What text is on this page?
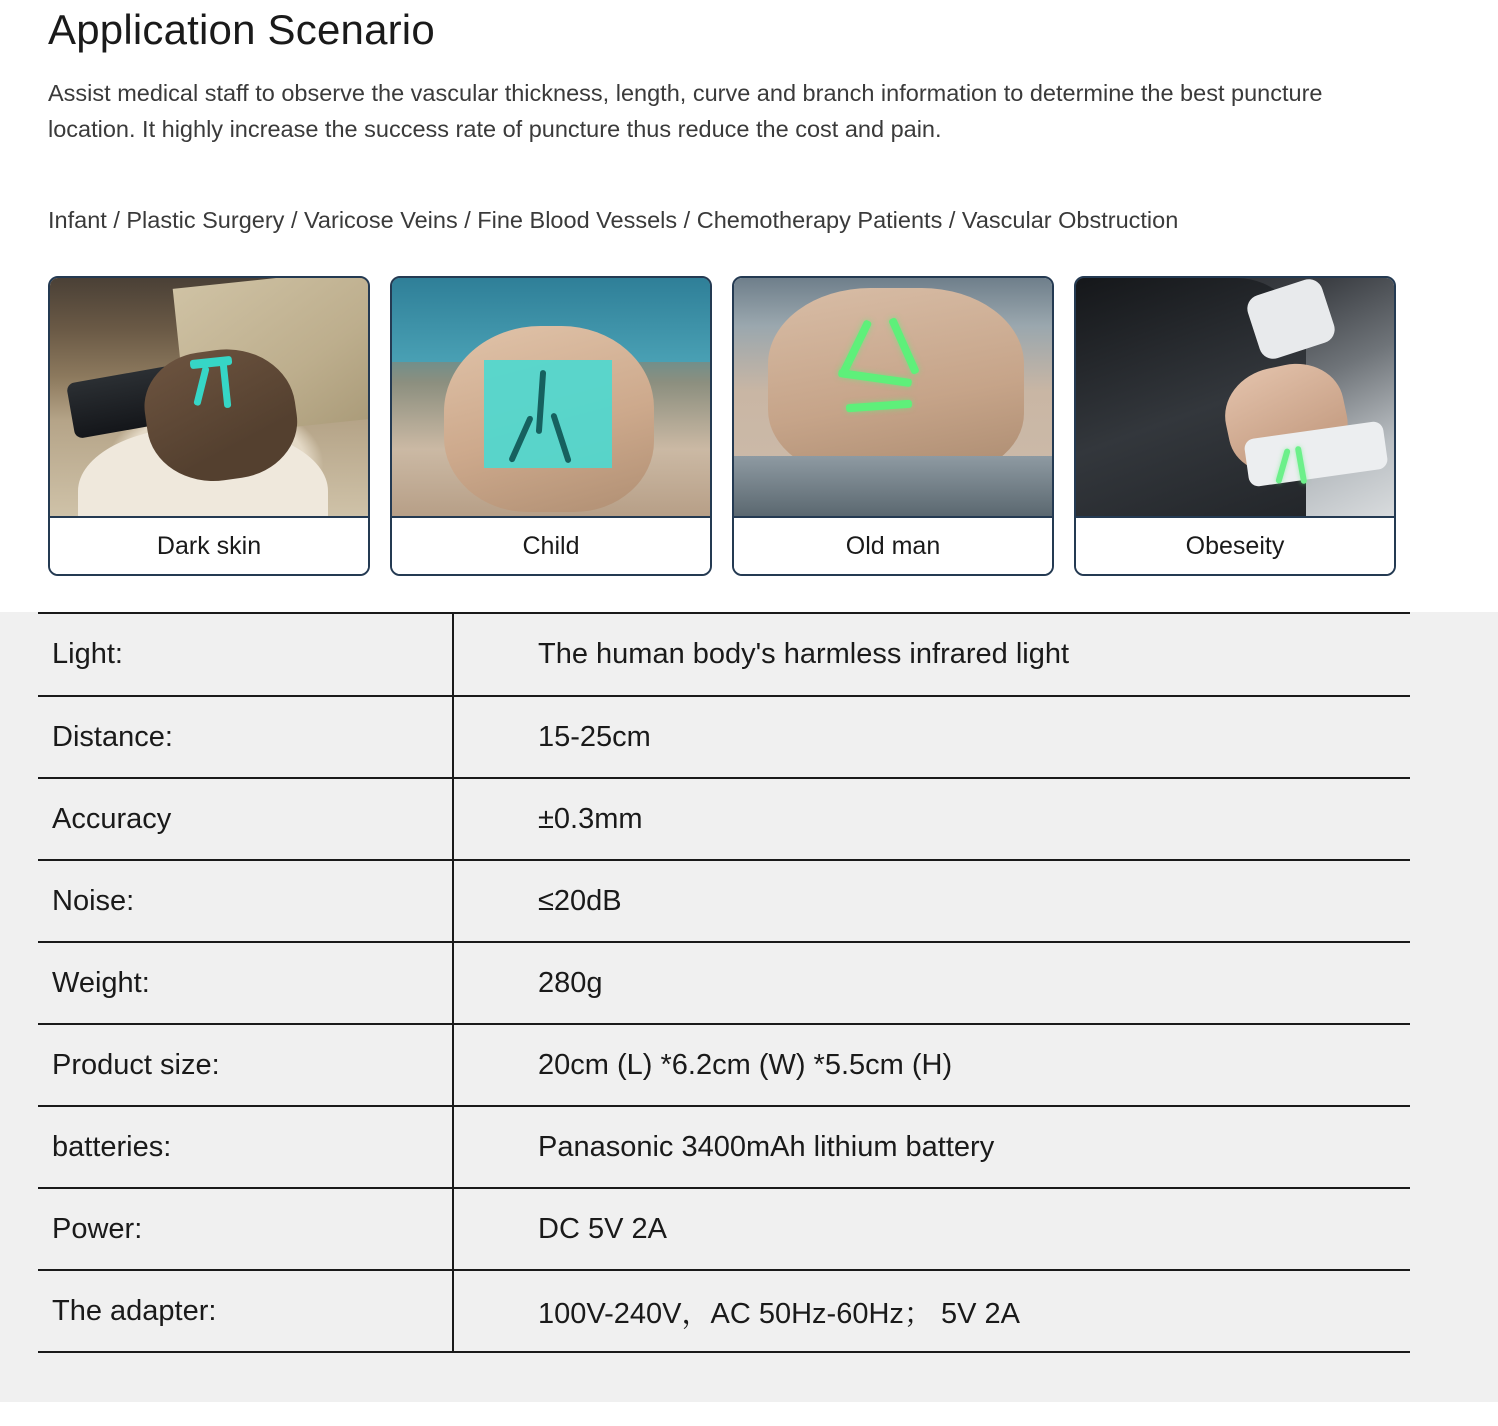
Application Scenario

Assist medical staff to observe the vascular thickness, length, curve and branch information to determine the best puncture location. It highly increase the success rate of puncture thus reduce the cost and pain.

Infant / Plastic Surgery / Varicose Veins / Fine Blood Vessels / Chemotherapy Patients / Vascular Obstruction

Dark skin	Child	Old man	Obeseity
Light:	The human body's harmless infrared light
Distance:	15-25cm
Accuracy	±0.3mm
Noise:	≤20dB
Weight:	280g
Product size:	20cm (L) *6.2cm (W) *5.5cm (H)
batteries:	Panasonic 3400mAh lithium battery
Power:	DC 5V 2A
The adapter:	100V-240V，AC 50Hz-60Hz； 5V 2A
